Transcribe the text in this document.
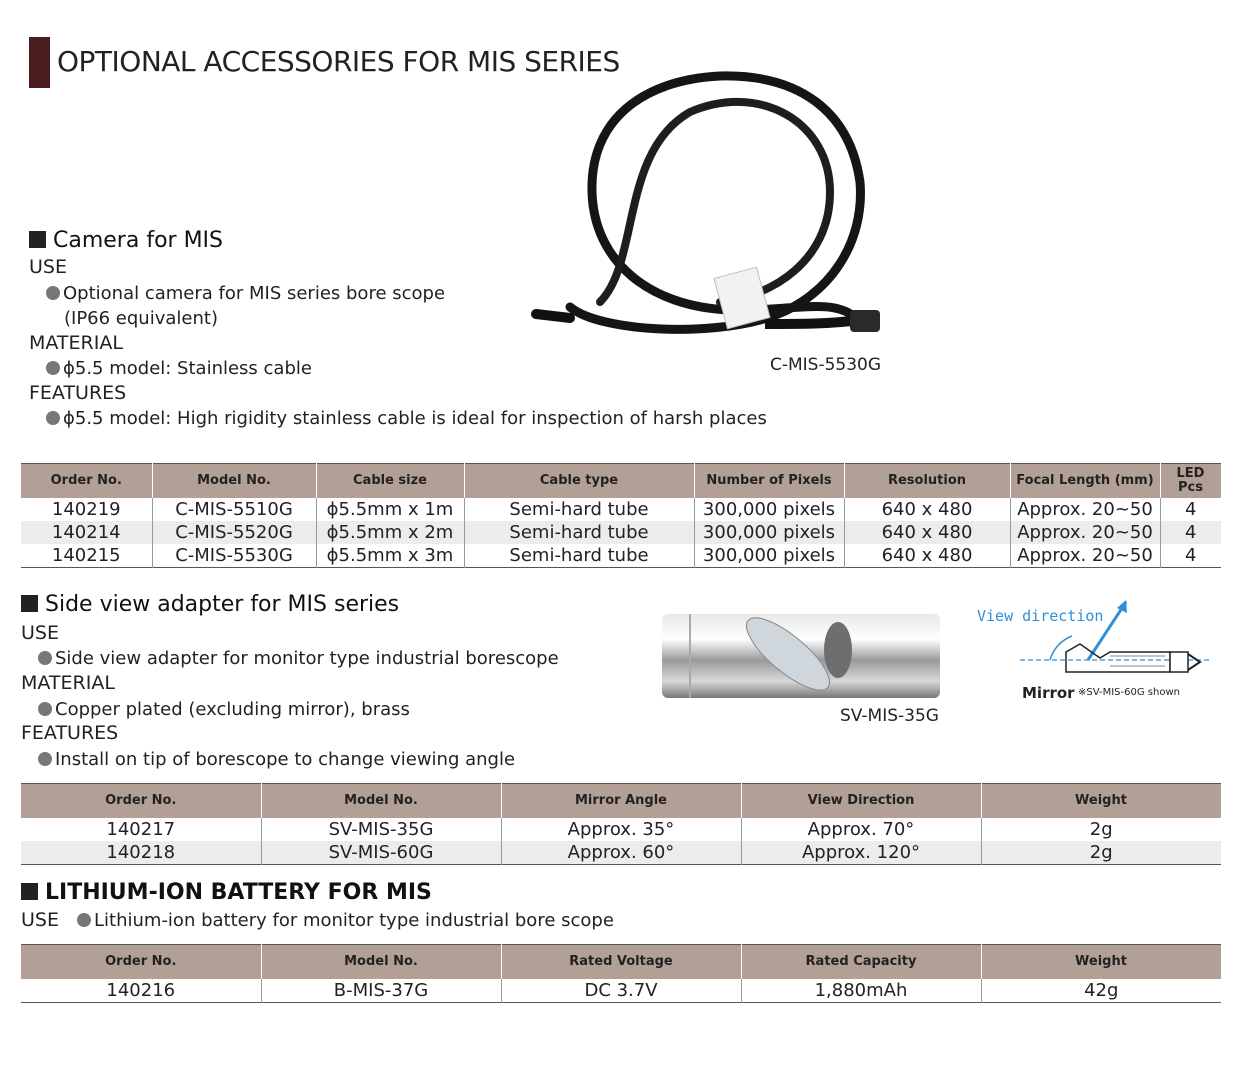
OPTIONAL ACCESSORIES FOR MIS SERIES
C-MIS-5530G
Camera for MIS
USE
Optional camera for MIS series bore scope
(IP66 equivalent)
MATERIAL
ϕ5.5 model: Stainless cable
FEATURES
ϕ5.5 model: High rigidity stainless cable is ideal for inspection of harsh places
Order No.	Model No.	Cable size	Cable type	Number of Pixels	Resolution	Focal Length (mm)	LED Pcs
140219	C-MIS-5510G	ϕ5.5mm x 1m	Semi-hard tube	300,000 pixels	640 x 480	Approx. 20~50	4
140214	C-MIS-5520G	ϕ5.5mm x 2m	Semi-hard tube	300,000 pixels	640 x 480	Approx. 20~50	4
140215	C-MIS-5530G	ϕ5.5mm x 3m	Semi-hard tube	300,000 pixels	640 x 480	Approx. 20~50	4
Side view adapter for MIS series
USE
Side view adapter for monitor type industrial borescope
MATERIAL
Copper plated (excluding mirror), brass
FEATURES
Install on tip of borescope to change viewing angle
SV-MIS-35G
View direction
Mirror ※SV-MIS-60G shown
Order No.	Model No.	Mirror Angle	View Direction	Weight
140217	SV-MIS-35G	Approx. 35°	Approx. 70°	2g
140218	SV-MIS-60G	Approx. 60°	Approx. 120°	2g
LITHIUM-ION BATTERY FOR MIS
USE	Lithium-ion battery for monitor type industrial bore scope
Order No.	Model No.	Rated Voltage	Rated Capacity	Weight
140216	B-MIS-37G	DC 3.7V	1,880mAh	42g
